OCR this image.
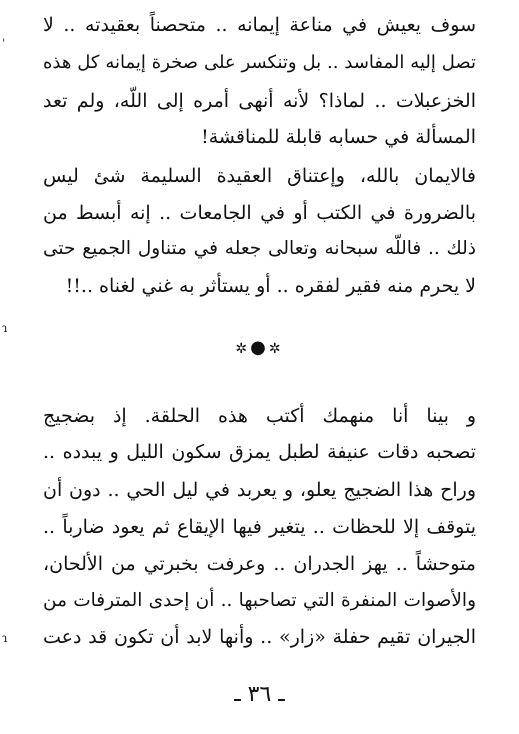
ˈ
ɿ
ɿ
سوف يعيش في مناعة إيمانه .. متحصناً بعقيدته .. لا
تصل إليه المفاسد .. بل وتنكسر على صخرة إيمانه كل هذه
الخزعبلات .. لماذا؟ لأنه أنهى أمره إلى اللّه، ولم تعد
المسألة في حسابه قابلة للمناقشة!
فالايمان بالله، وإعتناق العقيدة السليمة شئ ليس
بالضرورة في الكتب أو في الجامعات .. إنه أبسط من
ذلك .. فاللّه سبحانه وتعالى جعله في متناول الجميع حتى
لا يحرم منه فقير لفقره .. أو يستأثر به غني لغناه ..!!
✲●✲
و بينا أنا منهمك أكتب هذه الحلقة. إذ بضجيج
تصحبه دقات عنيفة لطبل يمزق سكون الليل و يبدده ..
وراح هذا الضجيج يعلو، و يعربد في ليل الحي .. دون أن
يتوقف إلا للحظات .. يتغير فيها الإيقاع ثم يعود ضارباً ..
متوحشاً .. يهز الجدران .. وعرفت بخبرتي من الألحان،
والأصوات المنفرة التي تصاحبها .. أن إحدى المترفات من
الجيران تقيم حفلة «زار» .. وأنها لابد أن تكون قد دعت
ـ ٣٦ ـ
